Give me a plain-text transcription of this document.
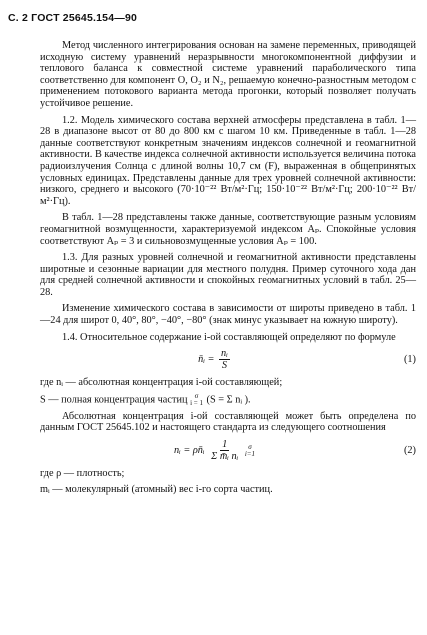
С. 2 ГОСТ 25645.154—90

Метод численного интегрирования основан на замене переменных, приводящей исходную систему уравнений неразрывности многокомпонентной диффузии и теплового баланса к совместной системе уравнений параболического типа соответственно для компонент O, O₂ и N₂, решаемую конечно-разностным методом с применением потокового варианта метода прогонки, который позволяет получать устойчивое решение.

1.2. Модель химического состава верхней атмосферы представлена в табл. 1—28 в диапазоне высот от 80 до 800 км с шагом 10 км. Приведенные в табл. 1—28 данные соответствуют конкретным значениям индексов солнечной и геомагнитной активности. В качестве индекса солнечной активности используется величина потока радиоизлучения Солнца с длиной волны 10,7 см (F), выраженная в общепринятых условных единицах. Представлены данные для трех уровней солнечной активности: низкого, среднего и высокого (70·10⁻²² Вт/м²·Гц; 150·10⁻²² Вт/м²·Гц; 200·10⁻²² Вт/м²·Гц).

В табл. 1—28 представлены также данные, соответствующие разным условиям геомагнитной возмущенности, характеризуемой индексом Aₚ. Спокойные условия соответствуют Aₚ = 3 и сильновозмущенные условия Aₚ = 100.

1.3. Для разных уровней солнечной и геомагнитной активности представлены широтные и сезонные вариации для местного полудня. Пример суточного хода дан для средней солнечной активности и спокойных геомагнитных условий в табл. 25—28.

Изменение химического состава в зависимости от широты приведено в табл. 1—24 для широт 0, 40°, 80°, −40°, −80° (знак минус указывает на южную широту).

1.4. Относительное содержание i-ой составляющей определяют по формуле

n̄ᵢ = $\frac{\text{nᵢ}}{S}$	(1)

где nᵢ — абсолютная концентрация i-ой составляющей;

S — полная концентрация частиц σ
i = 1 (S = Σ nᵢ ).

Абсолютная концентрация i-ой составляющей может быть определена по данным ГОСТ 25645.102 и настоящего стандарта из следующего соотношения

nᵢ = ρn̄ᵢ $\frac{1}{\text{Σ m̄ᵢ nᵢ}}$
σ
i=1	(2)

где ρ — плотность;

mᵢ — молекулярный (атомный) вес i-го сорта частиц.
